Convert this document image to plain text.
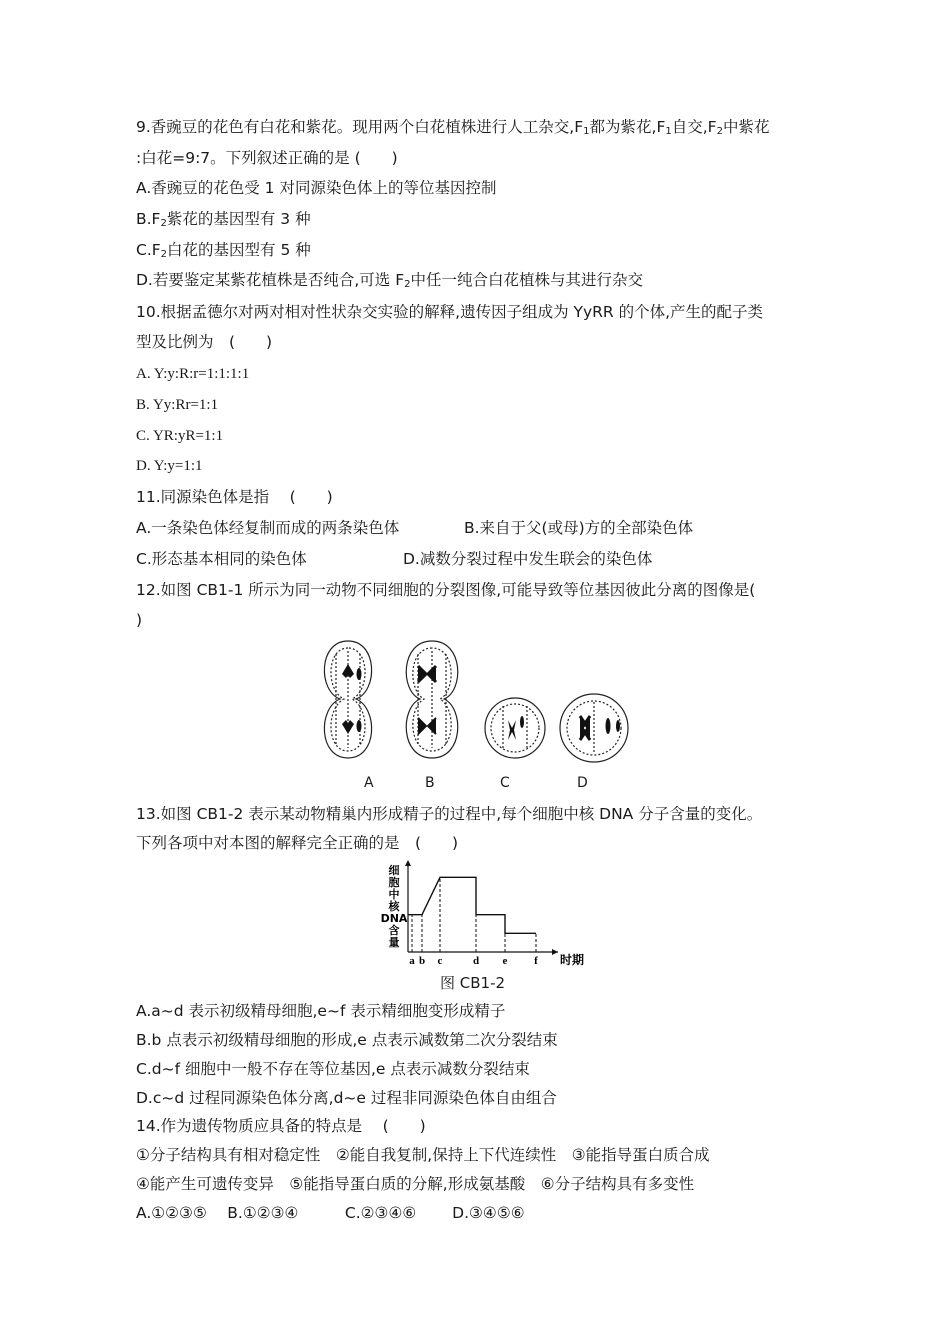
9.香豌豆的花色有白花和紫花。现用两个白花植株进行人工杂交$,F_1$都为紫花$,F_1$自交$,F_2$中紫花
:白花=9:7。下列叙述正确的是 (　　)
A.香豌豆的花色受 1 对同源染色体上的等位基因控制
$B.F_2$紫花的基因型有 3 种
$C.F_2$白花的基因型有 5 种
D.若要鉴定某紫花植株是否纯合,可选 $F_2$中任一纯合白花植株与其进行杂交
10.根据孟德尔对两对相对性状杂交实验的解释,遗传因子组成为 YyRR 的个体,产生的配子类
型及比例为　(　　)
A. Y:y:R:r=1:1:1:1
B. Yy:Rr=1:1
C. YR:yR=1:1
D. Y:y=1:1
11.同源染色体是指　 (　　)
A.一条染色体经复制而成的两条染色体	B.来自于父(或母)方的全部染色体
C.形态基本相同的染色体	D.减数分裂过程中发生联会的染色体
12.如图 CB1-1 所示为同一动物不同细胞的分裂图像,可能导致等位基因彼此分离的图像是(
)
A	B	C	D
13.如图 CB1-2 表示某动物精巢内形成精子的过程中,每个细胞中核 DNA 分子含量的变化。
下列各项中对本图的解释完全正确的是　(　　)
a b c	d e f 时期
细
胞
中
核
DNA
含
量
图 CB1-2
A.a~d 表示初级精母细胞,e~f 表示精细胞变形成精子
B.b 点表示初级精母细胞的形成,e 点表示减数第二次分裂结束
C.d~f 细胞中一般不存在等位基因,e 点表示减数分裂结束
D.c~d 过程同源染色体分离,d~e 过程非同源染色体自由组合
14.作为遗传物质应具备的特点是　 (　　)
①分子结构具有相对稳定性　②能自我复制,保持上下代连续性　③能指导蛋白质合成
④能产生可遗传变异　⑤能指导蛋白质的分解,形成氨基酸　⑥分子结构具有多变性
A.①②③⑤　 B.①②③④　　　C.②③④⑥　　 D.③④⑤⑥
